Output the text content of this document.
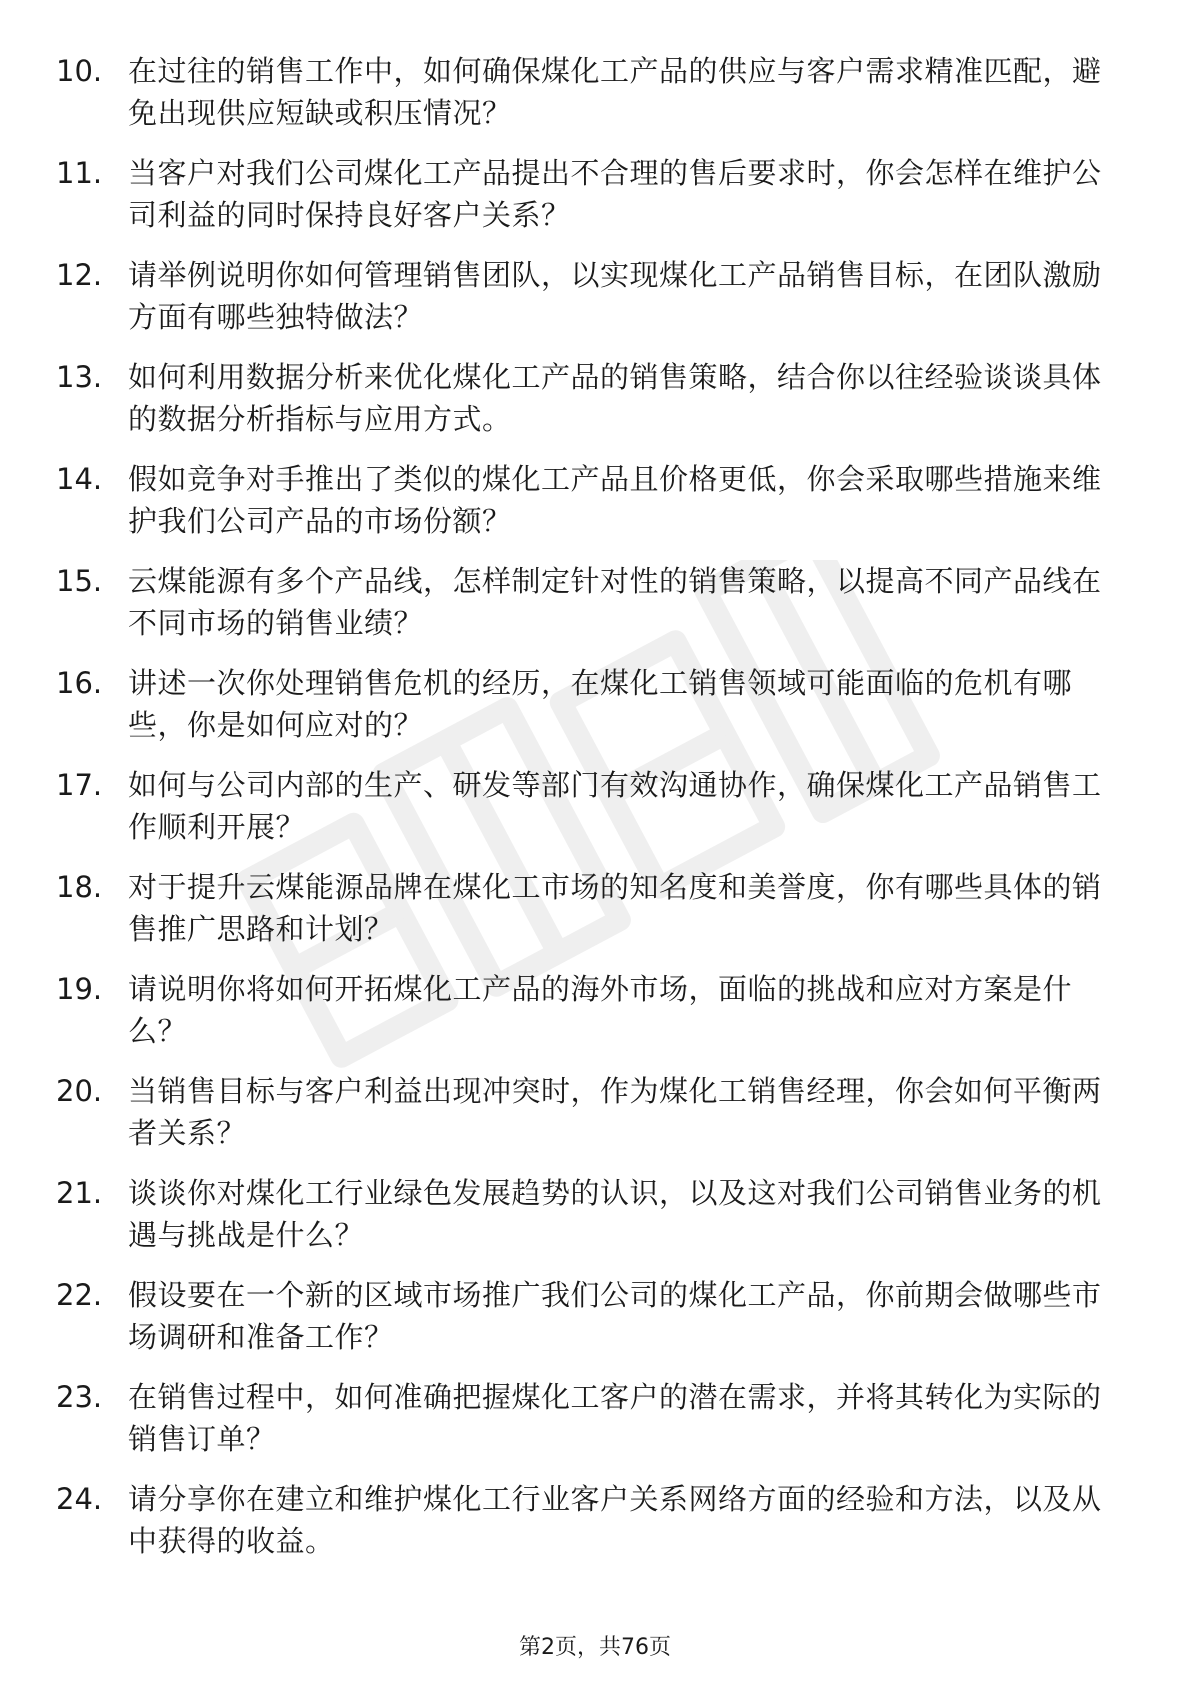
10. 在过往的销售工作中，如何确保煤化工产品的供应与客户需求精准匹配，避免出现供应短缺或积压情况？
11. 当客户对我们公司煤化工产品提出不合理的售后要求时，你会怎样在维护公司利益的同时保持良好客户关系？
12. 请举例说明你如何管理销售团队，以实现煤化工产品销售目标，在团队激励方面有哪些独特做法？
13. 如何利用数据分析来优化煤化工产品的销售策略，结合你以往经验谈谈具体的数据分析指标与应用方式。
14. 假如竞争对手推出了类似的煤化工产品且价格更低，你会采取哪些措施来维护我们公司产品的市场份额？
15. 云煤能源有多个产品线，怎样制定针对性的销售策略，以提高不同产品线在不同市场的销售业绩？
16. 讲述一次你处理销售危机的经历，在煤化工销售领域可能面临的危机有哪些，你是如何应对的？
17. 如何与公司内部的生产、研发等部门有效沟通协作，确保煤化工产品销售工作顺利开展？
18. 对于提升云煤能源品牌在煤化工市场的知名度和美誉度，你有哪些具体的销售推广思路和计划？
19. 请说明你将如何开拓煤化工产品的海外市场，面临的挑战和应对方案是什么？
20. 当销售目标与客户利益出现冲突时，作为煤化工销售经理，你会如何平衡两者关系？
21. 谈谈你对煤化工行业绿色发展趋势的认识，以及这对我们公司销售业务的机遇与挑战是什么？
22. 假设要在一个新的区域市场推广我们公司的煤化工产品，你前期会做哪些市场调研和准备工作？
23. 在销售过程中，如何准确把握煤化工客户的潜在需求，并将其转化为实际的销售订单？
24. 请分享你在建立和维护煤化工行业客户关系网络方面的经验和方法，以及从中获得的收益。
第2页，共76页
